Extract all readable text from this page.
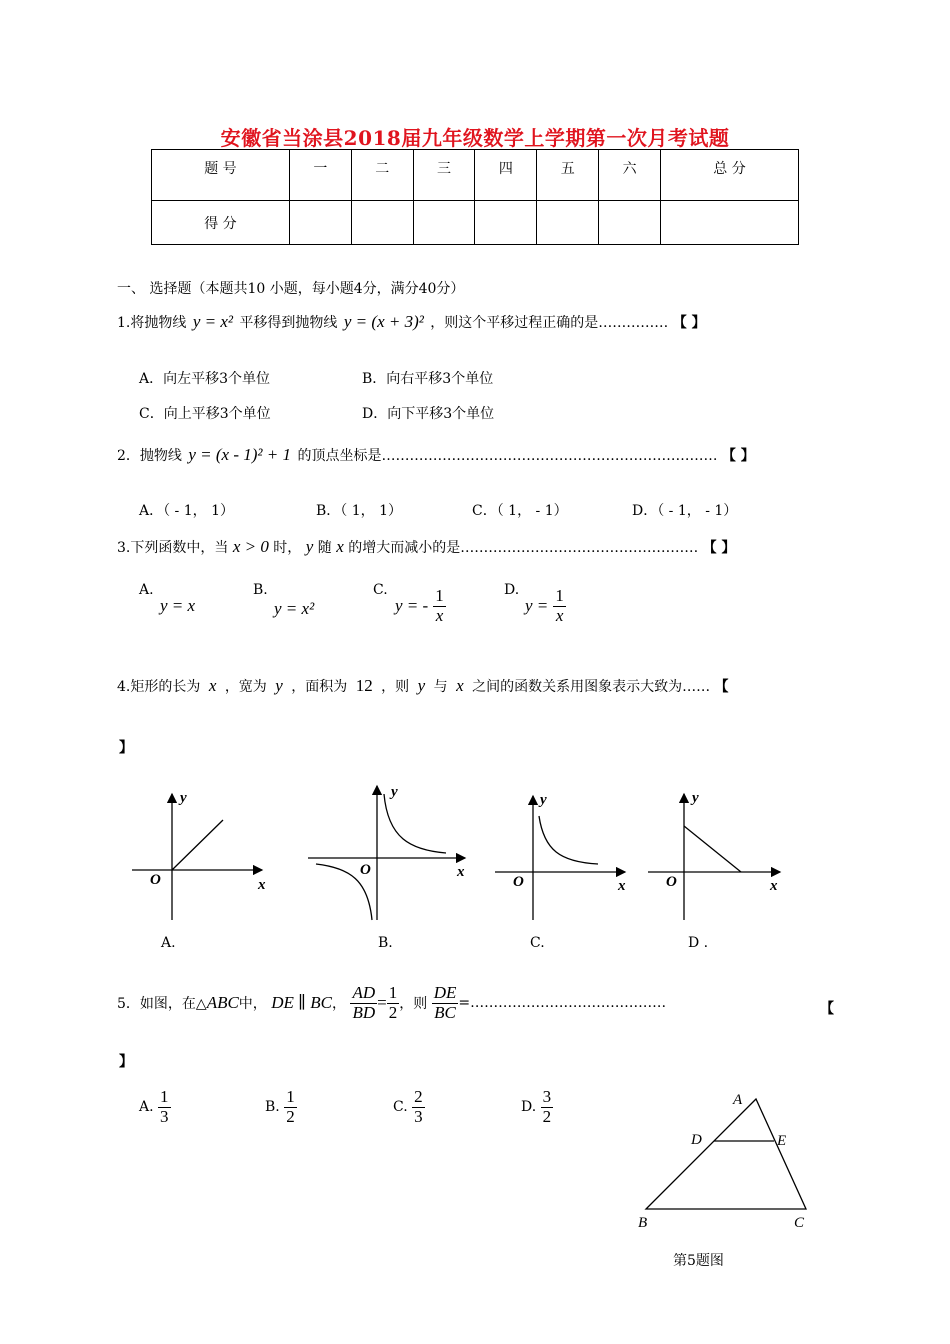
安徽省当涂县2018届九年级数学上学期第一次月考试题
题 号	一	二	三	四	五	六	总 分
得 分							
一、 选择题（本题共10 小题，每小题4分，满分40分）
1.将抛物线 y = x² 平移得到抛物线 y = (x + 3)² ，则这个平移过程正确的是…………… 【 】
A．向左平移3个单位	B．向右平移3个单位
C．向上平移3个单位	D．向下平移3个单位
2．抛物线 y = (x - 1)² + 1 的顶点坐标是……………………………………………………………… 【 】
A．（ - 1， 1）	B．（ 1， 1）	C．（ 1， - 1）	D．（ - 1， - 1）
3.下列函数中，当 x > 0 时， y 随 x 的增大而减小的是…………………………………………… 【 】
A.
y = x
B.
y = x²
C.
y = - $\frac{1}{x}$	D.
$y = \frac{1}{x}$
4.矩形的长为 x ，宽为 y ，面积为 12 ，则 y 与 x 之间的函数关系用图象表示大致为…… 【
】
y
x
O
y
x
O
y
x
O
y
x
O
A.	B.	C.	D .
5．如图，在△ABC中， DE ∥ BC， $\frac{AD}{BD} = \frac{1}{2}$ ，则 $\frac{DE}{BC}$ =……………………………………	【
】
A. $\frac{1}{3}$	B. $\frac{1}{2}$	C. $\frac{2}{3}$	D. $\frac{3}{2}$	A
D	E
B	C
第5题图
